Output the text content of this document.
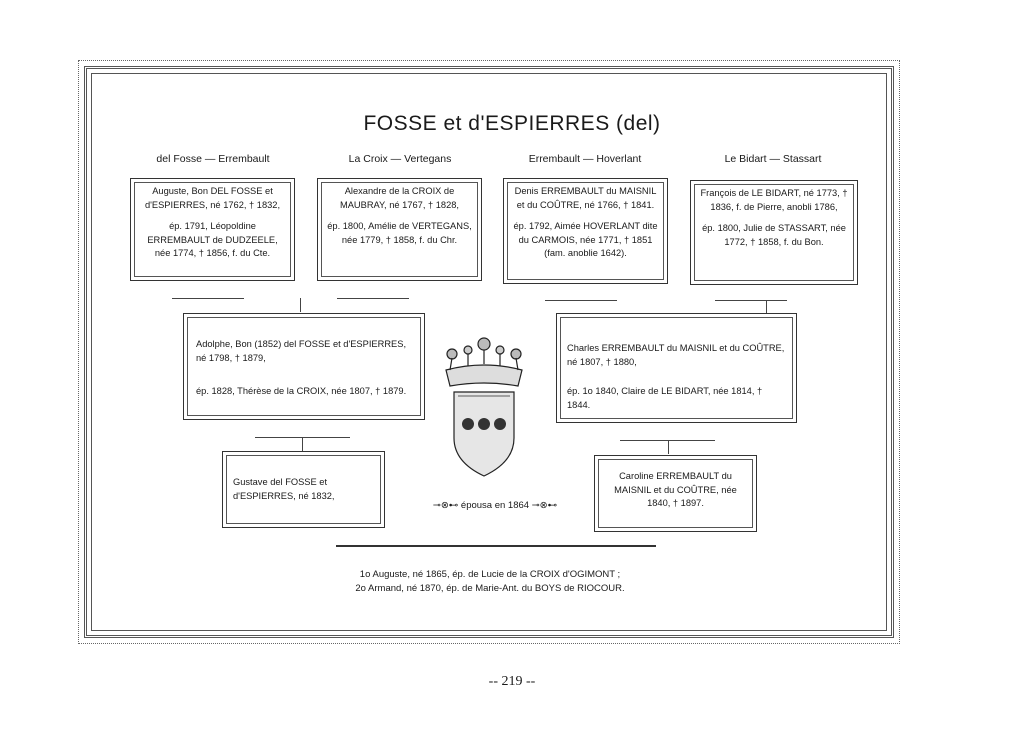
FOSSE et d'ESPIERRES (del)
del Fosse — Errembault	La Croix — Vertegans	Errembault — Hoverlant	Le Bidart — Stassart

Auguste, Bon DEL FOSSE et d'ESPIERRES, né 1762, † 1832,

ép. 1791, Léopoldine ERREMBAULT de DUDZEELE, née 1774, † 1856, f. du Cte.

Alexandre de la CROIX de MAUBRAY, né 1767, † 1828,

ép. 1800, Amélie de VERTEGANS, née 1779, † 1858, f. du Chr.

Denis ERREMBAULT du MAISNIL et du COÛTRE, né 1766, † 1841.

ép. 1792, Aimée HOVERLANT dite du CARMOIS, née 1771, † 1851 (fam. anoblie 1642).

François de LE BIDART, né 1773, † 1836, f. de Pierre, anobli 1786,

ép. 1800, Julie de STASSART, née 1772, † 1858, f. du Bon.

Adolphe, Bon (1852) del FOSSE et d'ESPIERRES, né 1798, † 1879,

ép. 1828, Thérèse de la CROIX, née 1807, † 1879.

Charles ERREMBAULT du MAISNIL et du COÛTRE, né 1807, † 1880,

ép. 1o 1840, Claire de LE BIDART, née 1814, † 1844.

Gustave del FOSSE et d'ESPIERRES, né 1832,

Caroline ERREMBAULT du MAISNIL et du COÛTRE, née 1840, † 1897.

⊸⊗⊷ épousa en 1864 ⊸⊗⊷

1o Auguste, né 1865, ép. de Lucie de la CROIX d'OGIMONT ;

2o Armand, né 1870, ép. de Marie-Ant. du BOYS de RIOCOUR.

-- 219 --
